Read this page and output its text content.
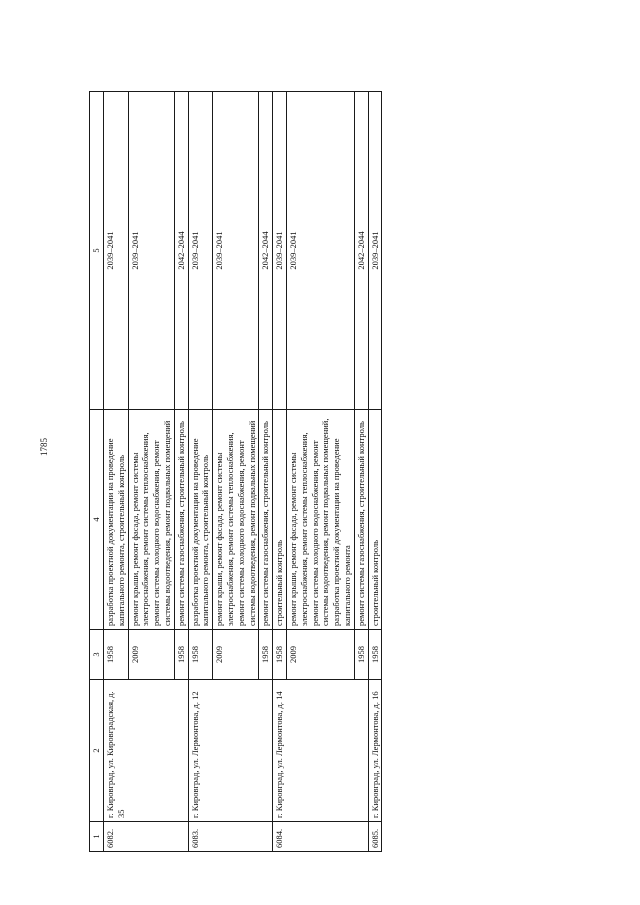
1785
1	2	3	4	5
6082.	г. Кировград, ул. Кировградская, д. 35	1958	разработка проектной документации на проведение капитального ремонта, строительный контроль	2039–2041
		2009	ремонт крыши, ремонт фасада, ремонт системы электроснабжения, ремонт системы теплоснабжения, ремонт системы холодного водоснабжения, ремонт системы водоотведения, ремонт подвальных помещений	2039–2041
		1958	ремонт системы газоснабжения, строительный контроль	2042–2044
6083.	г. Кировград, ул. Лермонтова, д. 12	1958	разработка проектной документации на проведение капитального ремонта, строительный контроль	2039–2041
		2009	ремонт крыши, ремонт фасада, ремонт системы электроснабжения, ремонт системы теплоснабжения, ремонт системы холодного водоснабжения, ремонт системы водоотведения, ремонт подвальных помещений	2039–2041
		1958	ремонт системы газоснабжения, строительный контроль	2042–2044
6084.	г. Кировград, ул. Лермонтова, д. 14	1958	строительный контроль	2039–2041
		2009	ремонт крыши, ремонт фасада, ремонт системы электроснабжения, ремонт системы теплоснабжения, ремонт системы холодного водоснабжения, ремонт системы водоотведения, ремонт подвальных помещений, разработка проектной документации на проведение капитального ремонта	2039–2041
		1958	ремонт системы газоснабжения, строительный контроль	2042–2044
6085.	г. Кировград, ул. Лермонтова, д. 16	1958	строительный контроль	2039–2041
